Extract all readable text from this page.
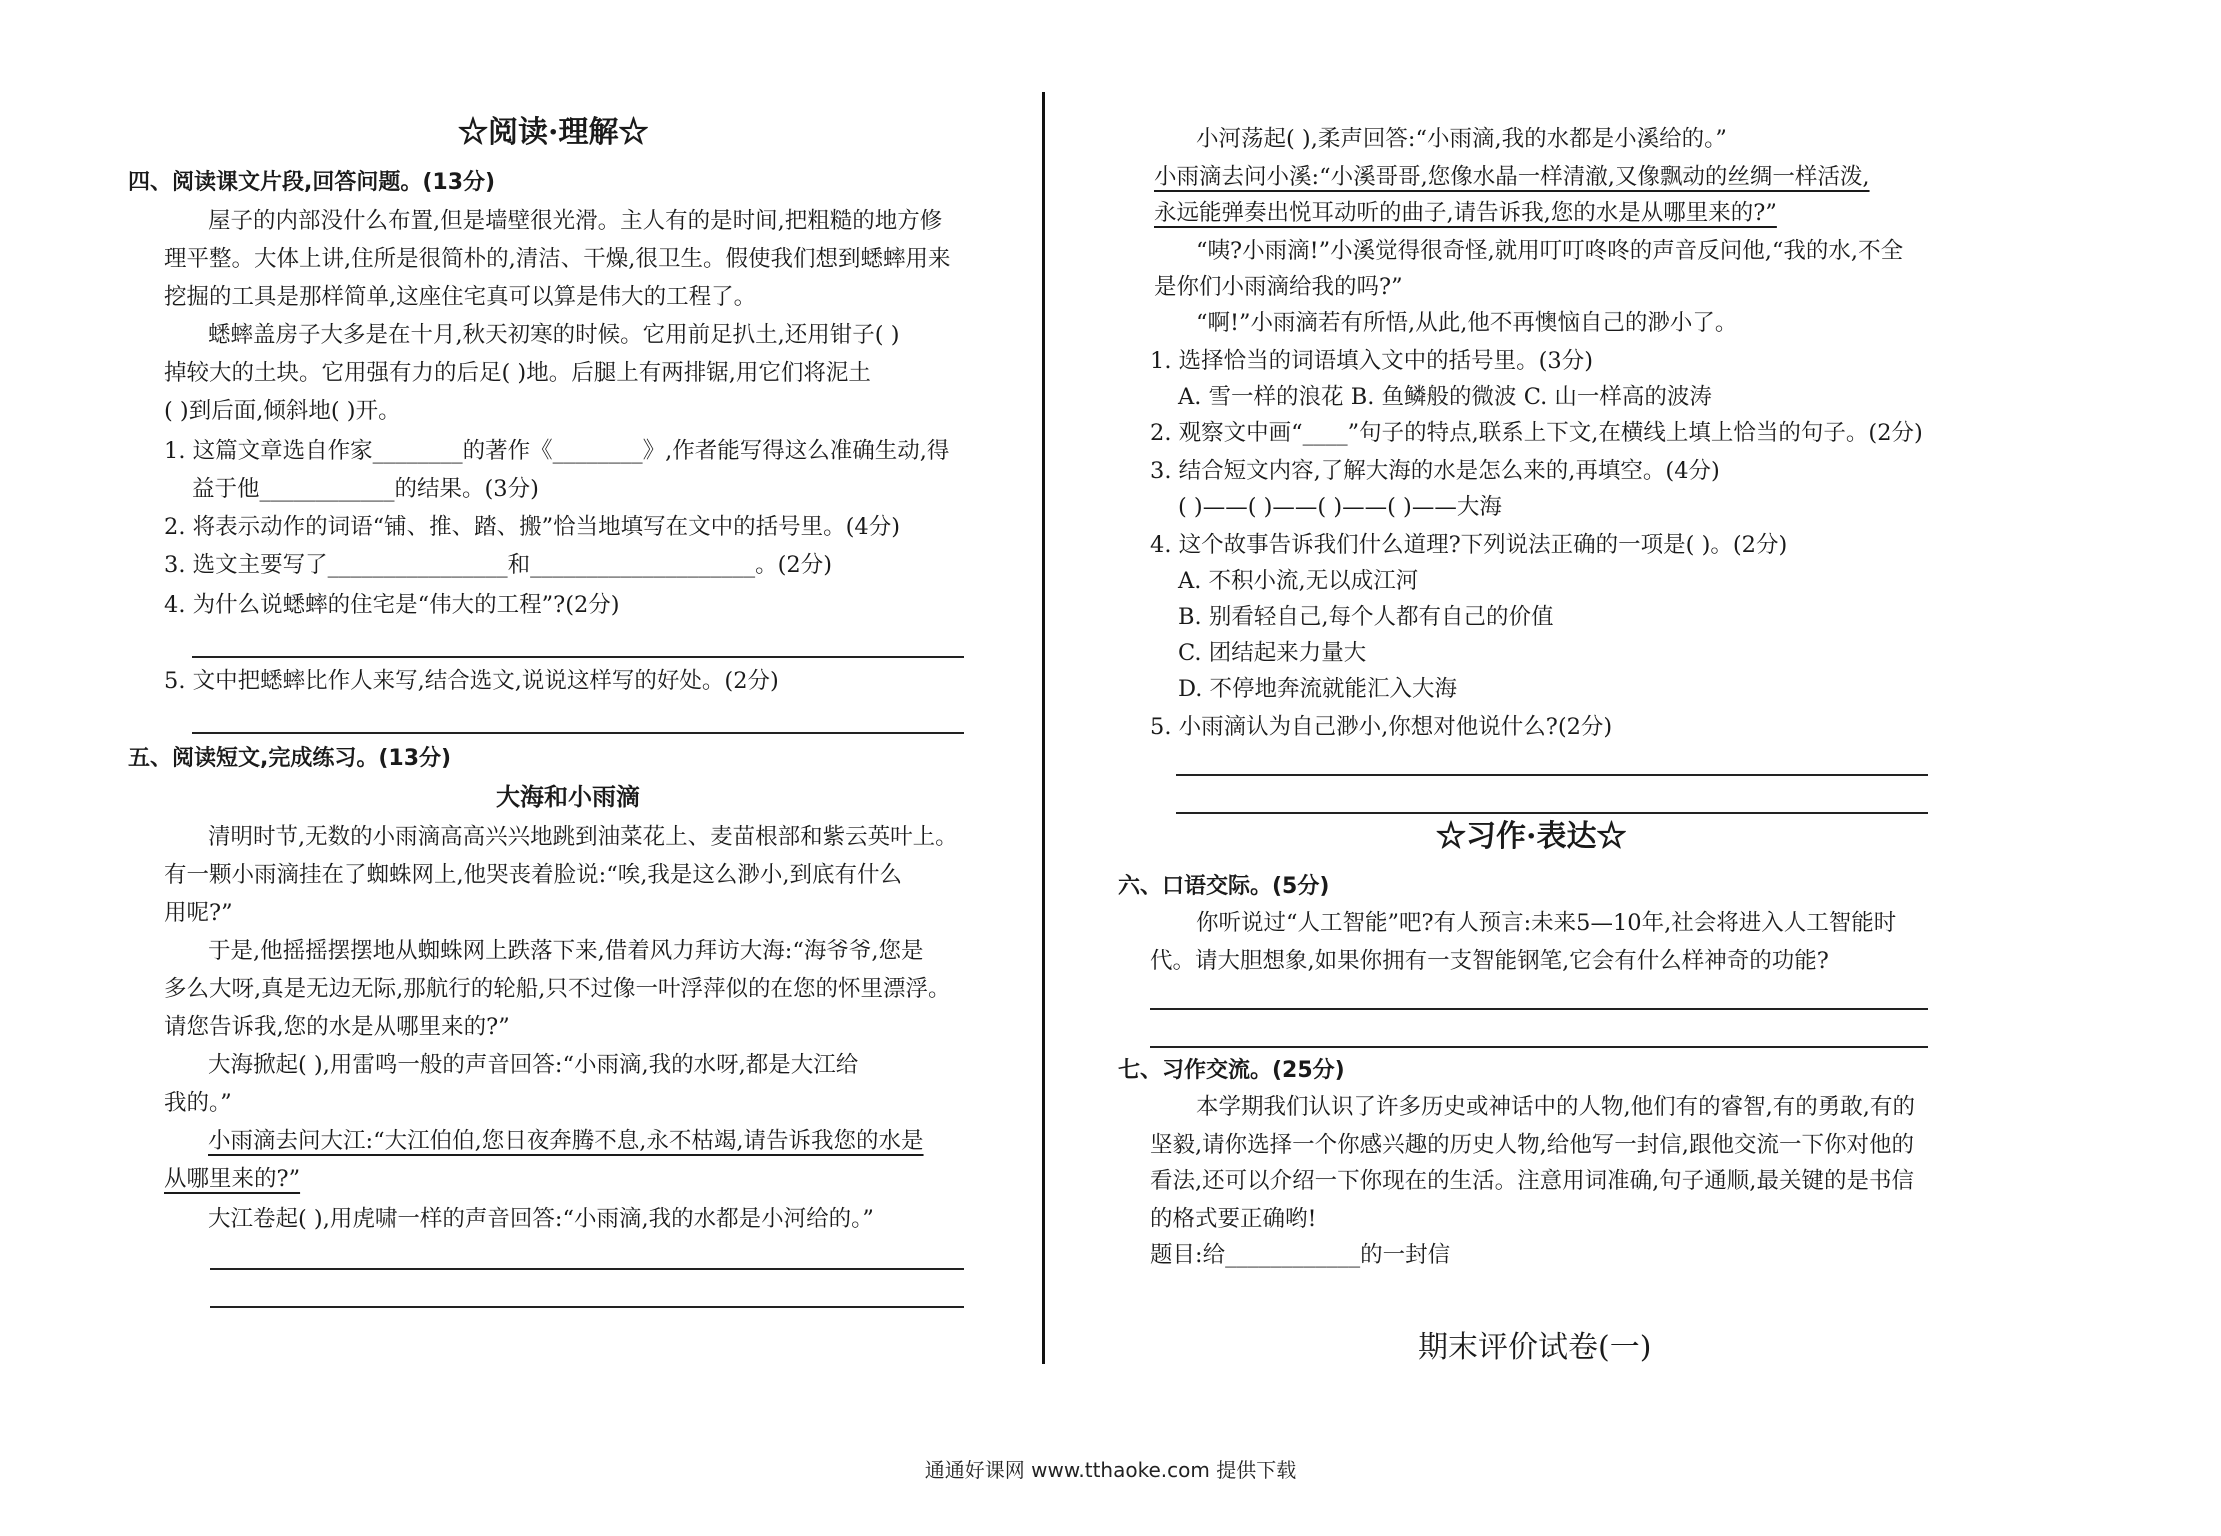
☆阅读·理解☆
四、阅读课文片段,回答问题。(13分)
屋子的内部没什么布置,但是墙壁很光滑。主人有的是时间,把粗糙的地方修
理平整。大体上讲,住所是很简朴的,清洁、干燥,很卫生。假使我们想到蟋蟀用来
挖掘的工具是那样简单,这座住宅真可以算是伟大的工程了。
蟋蟀盖房子大多是在十月,秋天初寒的时候。它用前足扒土,还用钳子( )
掉较大的土块。它用强有力的后足( )地。后腿上有两排锯,用它们将泥土
( )到后面,倾斜地( )开。
1. 这篇文章选自作家________的著作《________》,作者能写得这么准确生动,得
益于他____________的结果。(3分)
2. 将表示动作的词语“铺、推、踏、搬”恰当地填写在文中的括号里。(4分)
3. 选文主要写了________________和____________________。(2分)
4. 为什么说蟋蟀的住宅是“伟大的工程”?(2分)
5. 文中把蟋蟀比作人来写,结合选文,说说这样写的好处。(2分)
五、阅读短文,完成练习。(13分)
大海和小雨滴
清明时节,无数的小雨滴高高兴兴地跳到油菜花上、麦苗根部和紫云英叶上。
有一颗小雨滴挂在了蜘蛛网上,他哭丧着脸说:“唉,我是这么渺小,到底有什么
用呢?”
于是,他摇摇摆摆地从蜘蛛网上跌落下来,借着风力拜访大海:“海爷爷,您是
多么大呀,真是无边无际,那航行的轮船,只不过像一叶浮萍似的在您的怀里漂浮。
请您告诉我,您的水是从哪里来的?”
大海掀起( ),用雷鸣一般的声音回答:“小雨滴,我的水呀,都是大江给
我的。”
小雨滴去问大江:“大江伯伯,您日夜奔腾不息,永不枯竭,请告诉我您的水是
从哪里来的?”
大江卷起( ),用虎啸一样的声音回答:“小雨滴,我的水都是小河给的。”
小河荡起( ),柔声回答:“小雨滴,我的水都是小溪给的。”
小雨滴去问小溪:“小溪哥哥,您像水晶一样清澈,又像飘动的丝绸一样活泼,
永远能弹奏出悦耳动听的曲子,请告诉我,您的水是从哪里来的?”
“咦?小雨滴!”小溪觉得很奇怪,就用叮叮咚咚的声音反问他,“我的水,不全
是你们小雨滴给我的吗?”
“啊!”小雨滴若有所悟,从此,他不再懊恼自己的渺小了。
1. 选择恰当的词语填入文中的括号里。(3分)
A. 雪一样的浪花 B. 鱼鳞般的微波 C. 山一样高的波涛
2. 观察文中画“____”句子的特点,联系上下文,在横线上填上恰当的句子。(2分)
3. 结合短文内容,了解大海的水是怎么来的,再填空。(4分)
( )——( )——( )——( )——大海
4. 这个故事告诉我们什么道理?下列说法正确的一项是( )。(2分)
A. 不积小流,无以成江河
B. 别看轻自己,每个人都有自己的价值
C. 团结起来力量大
D. 不停地奔流就能汇入大海
5. 小雨滴认为自己渺小,你想对他说什么?(2分)
☆习作·表达☆
六、口语交际。(5分)
你听说过“人工智能”吧?有人预言:未来5—10年,社会将进入人工智能时
代。请大胆想象,如果你拥有一支智能钢笔,它会有什么样神奇的功能?
七、习作交流。(25分)
本学期我们认识了许多历史或神话中的人物,他们有的睿智,有的勇敢,有的
坚毅,请你选择一个你感兴趣的历史人物,给他写一封信,跟他交流一下你对他的
看法,还可以介绍一下你现在的生活。注意用词准确,句子通顺,最关键的是书信
的格式要正确哟!
题目:给____________的一封信
期末评价试卷(一)
通通好课网 www.tthaoke.com 提供下载
